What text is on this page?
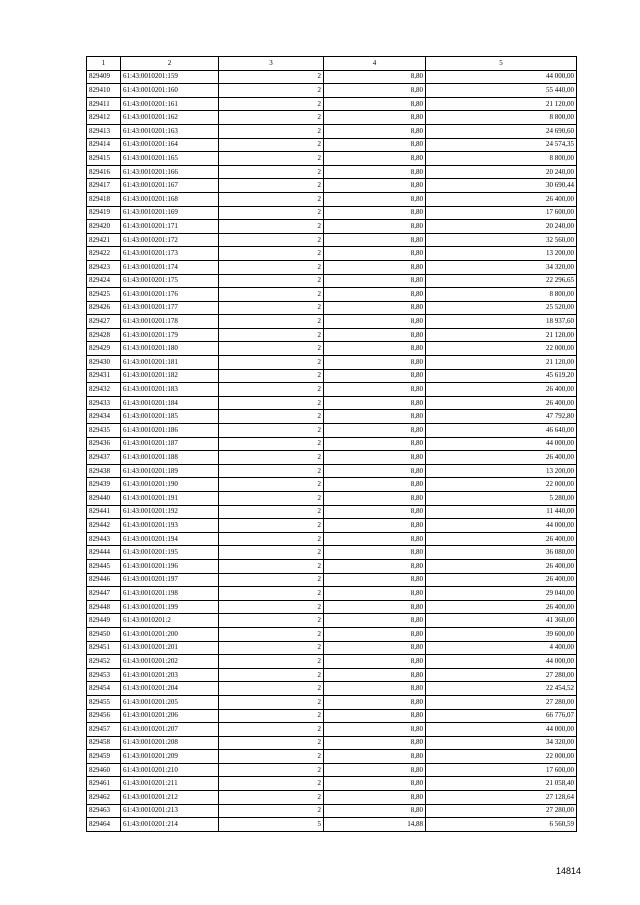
1	2	3	4	5
829409	61:43:0010201:159	2	8,80	44 000,00
829410	61:43:0010201:160	2	8,80	55 440,00
829411	61:43:0010201:161	2	8,80	21 120,00
829412	61:43:0010201:162	2	8,80	8 800,00
829413	61:43:0010201:163	2	8,80	24 690,60
829414	61:43:0010201:164	2	8,80	24 574,35
829415	61:43:0010201:165	2	8,80	8 800,00
829416	61:43:0010201:166	2	8,80	20 240,00
829417	61:43:0010201:167	2	8,80	30 690,44
829418	61:43:0010201:168	2	8,80	26 400,00
829419	61:43:0010201:169	2	8,80	17 600,00
829420	61:43:0010201:171	2	8,80	20 240,00
829421	61:43:0010201:172	2	8,80	32 560,00
829422	61:43:0010201:173	2	8,80	13 200,00
829423	61:43:0010201:174	2	8,80	34 320,00
829424	61:43:0010201:175	2	8,80	22 296,65
829425	61:43:0010201:176	2	8,80	8 800,00
829426	61:43:0010201:177	2	8,80	25 520,00
829427	61:43:0010201:178	2	8,80	18 937,60
829428	61:43:0010201:179	2	8,80	21 120,00
829429	61:43:0010201:180	2	8,80	22 000,00
829430	61:43:0010201:181	2	8,80	21 120,00
829431	61:43:0010201:182	2	8,80	45 619,20
829432	61:43:0010201:183	2	8,80	26 400,00
829433	61:43:0010201:184	2	8,80	26 400,00
829434	61:43:0010201:185	2	8,80	47 792,80
829435	61:43:0010201:186	2	8,80	46 640,00
829436	61:43:0010201:187	2	8,80	44 000,00
829437	61:43:0010201:188	2	8,80	26 400,00
829438	61:43:0010201:189	2	8,80	13 200,00
829439	61:43:0010201:190	2	8,80	22 000,00
829440	61:43:0010201:191	2	8,80	5 280,00
829441	61:43:0010201:192	2	8,80	11 440,00
829442	61:43:0010201:193	2	8,80	44 000,00
829443	61:43:0010201:194	2	8,80	26 400,00
829444	61:43:0010201:195	2	8,80	36 080,00
829445	61:43:0010201:196	2	8,80	26 400,00
829446	61:43:0010201:197	2	8,80	26 400,00
829447	61:43:0010201:198	2	8,80	29 040,00
829448	61:43:0010201:199	2	8,80	26 400,00
829449	61:43:0010201:2	2	8,80	41 360,00
829450	61:43:0010201:200	2	8,80	39 600,00
829451	61:43:0010201:201	2	8,80	4 400,00
829452	61:43:0010201:202	2	8,80	44 000,00
829453	61:43:0010201:203	2	8,80	27 280,00
829454	61:43:0010201:204	2	8,80	22 454,52
829455	61:43:0010201:205	2	8,80	27 280,00
829456	61:43:0010201:206	2	8,80	66 776,07
829457	61:43:0010201:207	2	8,80	44 000,00
829458	61:43:0010201:208	2	8,80	34 320,00
829459	61:43:0010201:209	2	8,80	22 000,00
829460	61:43:0010201:210	2	8,80	17 600,00
829461	61:43:0010201:211	2	8,80	21 058,40
829462	61:43:0010201:212	2	8,80	27 128,64
829463	61:43:0010201:213	2	8,80	27 280,00
829464	61:43:0010201:214	5	14,88	6 560,59
14814
